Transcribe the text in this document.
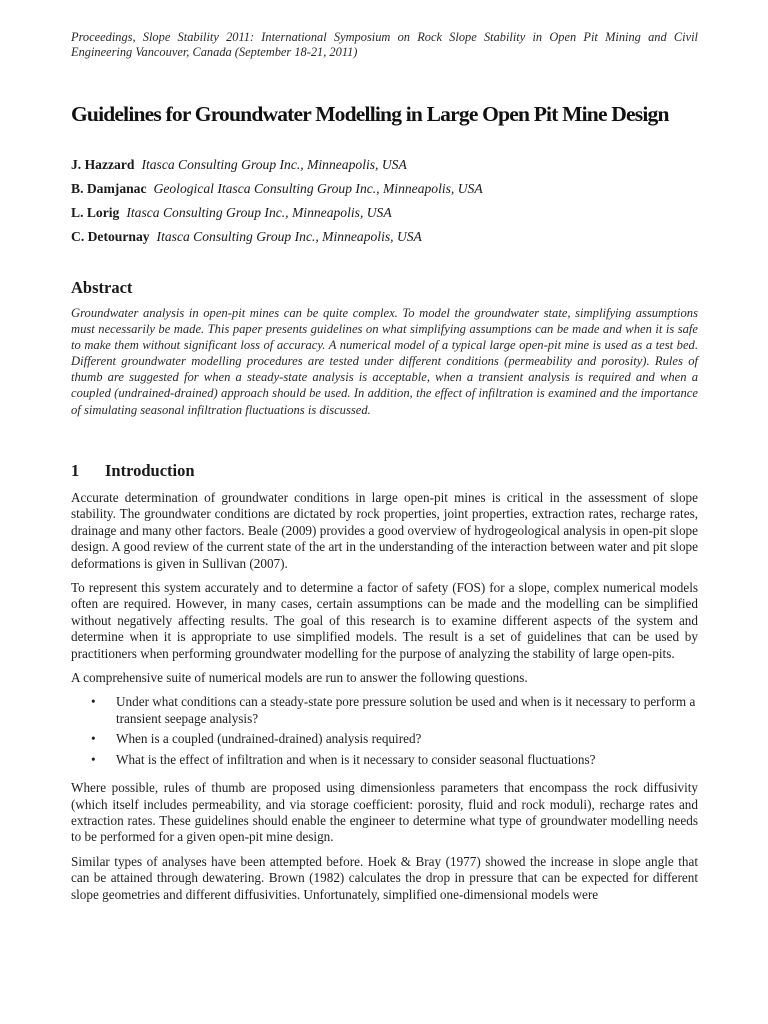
Proceedings, Slope Stability 2011: International Symposium on Rock Slope Stability in Open Pit Mining and Civil Engineering Vancouver, Canada (September 18-21, 2011)
Guidelines for Groundwater Modelling in Large Open Pit Mine Design
J. Hazzard Itasca Consulting Group Inc., Minneapolis, USA
B. Damjanac Geological Itasca Consulting Group Inc., Minneapolis, USA
L. Lorig Itasca Consulting Group Inc., Minneapolis, USA
C. Detournay Itasca Consulting Group Inc., Minneapolis, USA
Abstract
Groundwater analysis in open-pit mines can be quite complex. To model the groundwater state, simplifying assumptions must necessarily be made. This paper presents guidelines on what simplifying assumptions can be made and when it is safe to make them without significant loss of accuracy. A numerical model of a typical large open-pit mine is used as a test bed. Different groundwater modelling procedures are tested under different conditions (permeability and porosity). Rules of thumb are suggested for when a steady-state analysis is acceptable, when a transient analysis is required and when a coupled (undrained-drained) approach should be used. In addition, the effect of infiltration is examined and the importance of simulating seasonal infiltration fluctuations is discussed.
1 Introduction

Accurate determination of groundwater conditions in large open-pit mines is critical in the assessment of slope stability. The groundwater conditions are dictated by rock properties, joint properties, extraction rates, recharge rates, drainage and many other factors. Beale (2009) provides a good overview of hydrogeological analysis in open-pit slope design. A good review of the current state of the art in the understanding of the interaction between water and pit slope deformations is given in Sullivan (2007).

To represent this system accurately and to determine a factor of safety (FOS) for a slope, complex numerical models often are required. However, in many cases, certain assumptions can be made and the modelling can be simplified without negatively affecting results. The goal of this research is to examine different aspects of the system and determine when it is appropriate to use simplified models. The result is a set of guidelines that can be used by practitioners when performing groundwater modelling for the purpose of analyzing the stability of large open-pits.

A comprehensive suite of numerical models are run to answer the following questions.

• Under what conditions can a steady-state pore pressure solution be used and when is it necessary to perform a transient seepage analysis?
• When is a coupled (undrained-drained) analysis required?
• What is the effect of infiltration and when is it necessary to consider seasonal fluctuations?

Where possible, rules of thumb are proposed using dimensionless parameters that encompass the rock diffusivity (which itself includes permeability, and via storage coefficient: porosity, fluid and rock moduli), recharge rates and extraction rates. These guidelines should enable the engineer to determine what type of groundwater modelling needs to be performed for a given open-pit mine design.

Similar types of analyses have been attempted before. Hoek & Bray (1977) showed the increase in slope angle that can be attained through dewatering. Brown (1982) calculates the drop in pressure that can be expected for different slope geometries and different diffusivities. Unfortunately, simplified one-dimensional models were
